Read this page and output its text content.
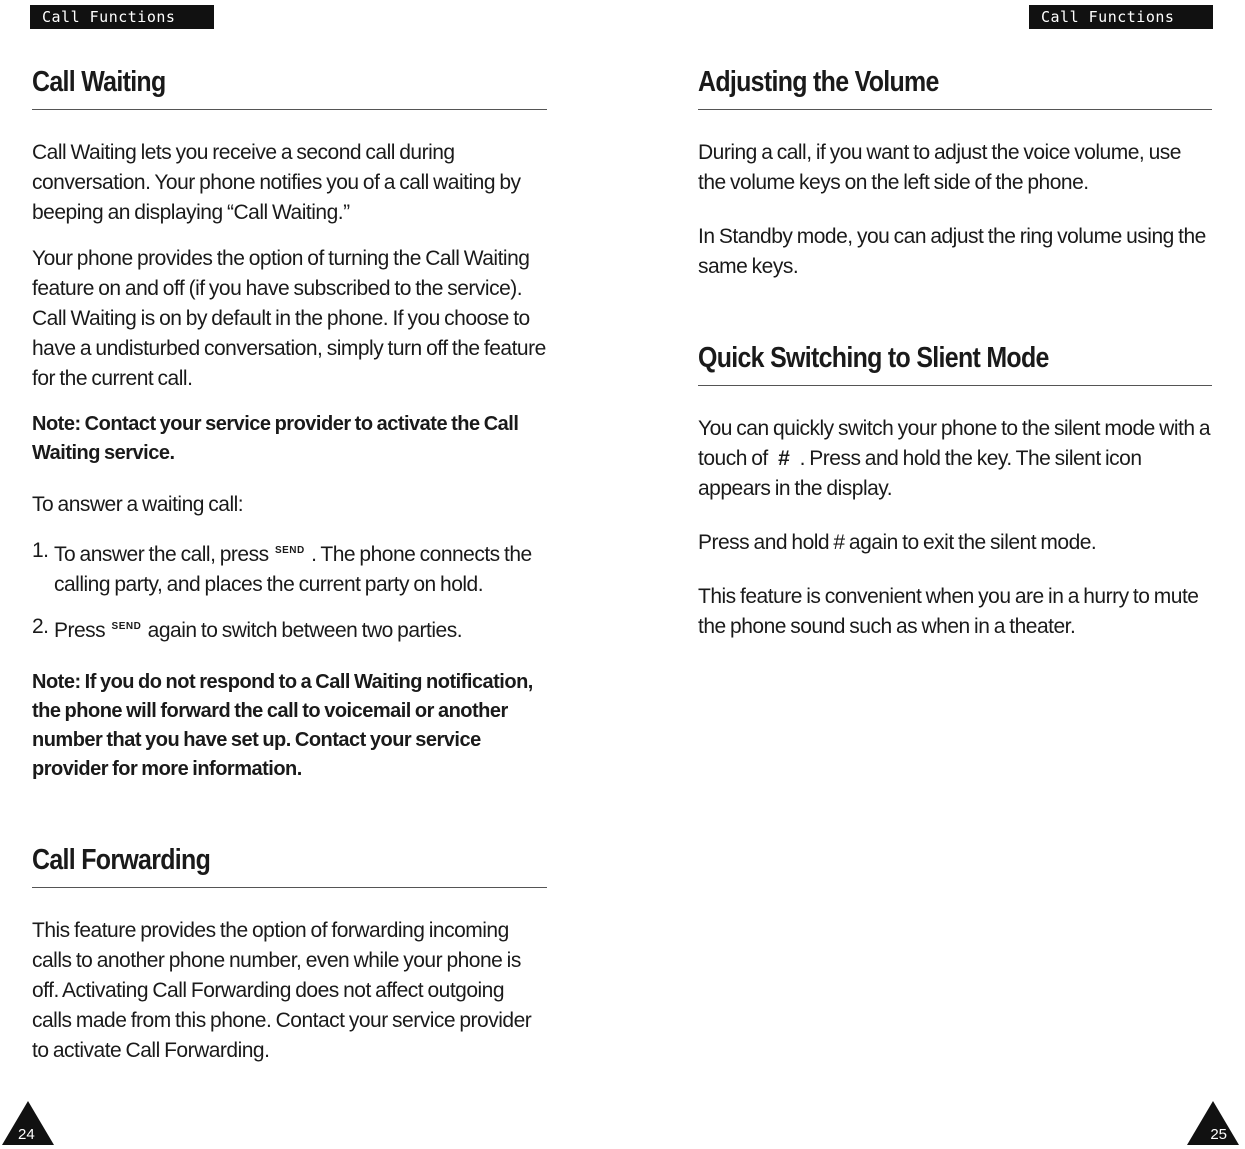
Call Functions
Call Waiting

Call Waiting lets you receive a second call during conversation. Your phone notifies you of a call waiting by beeping an displaying “Call Waiting.”

Your phone provides the option of turning the Call Waiting feature on and off (if you have subscribed to the service). Call Waiting is on by default in the phone. If you choose to have a undisturbed conversation, simply turn off the feature for the current call.

Note: Contact your service provider to activate the Call Waiting service.

To answer a waiting call:

1. To answer the call, press $^{SEND}$ . The phone connects the calling party, and places the current party on hold.
2. Press $^{SEND}$ again to switch between two parties.

Note: If you do not respond to a Call Waiting notification, the phone will forward the call to voicemail or another number that you have set up. Contact your service provider for more information.

Call Forwarding

This feature provides the option of forwarding incoming calls to another phone number, even while your phone is off. Activating Call Forwarding does not affect outgoing calls made from this phone. Contact your service provider to activate Call Forwarding.

24
Call Functions
Adjusting the Volume

During a call, if you want to adjust the voice volume, use the volume keys on the left side of the phone.

In Standby mode, you can adjust the ring volume using the same keys.

Quick Switching to Slient Mode

You can quickly switch your phone to the silent mode with a touch of # . Press and hold the key. The silent icon appears in the display.

Press and hold # again to exit the silent mode.

This feature is convenient when you are in a hurry to mute the phone sound such as when in a theater.

25
